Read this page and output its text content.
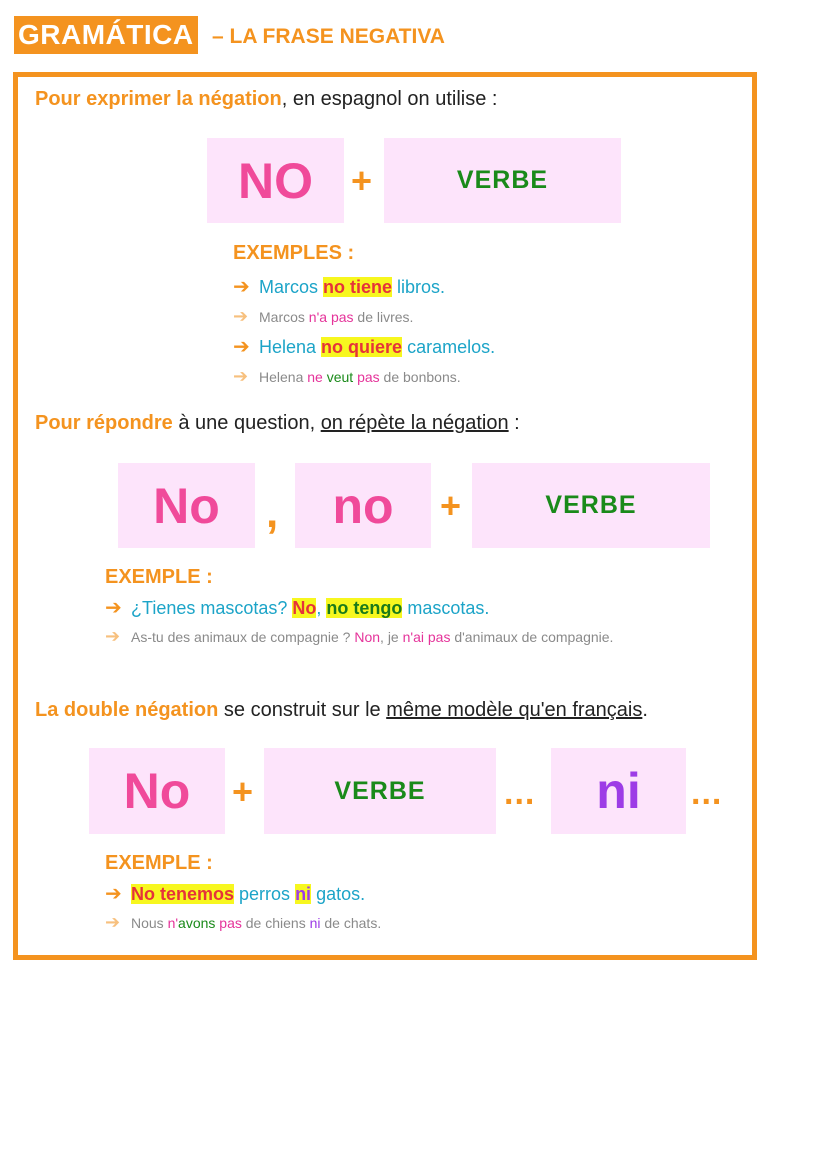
GRAMÁTICA – LA FRASE NEGATIVA
Pour exprimer la négation, en espagnol on utilise :
NO +	VERBE
EXEMPLES :
➔ Marcos no tiene libros.
➔ Marcos n'a pas de livres.
➔ Helena no quiere caramelos.
➔ Helena ne veut pas de bonbons.
Pour répondre à une question, on répète la négation :
No , no +	VERBE
EXEMPLE :
➔ ¿Tienes mascotas? No, no tengo mascotas.
➔ As-tu des animaux de compagnie ? Non, je n'ai pas d'animaux de compagnie.
La double négation se construit sur le même modèle qu'en français.
No +	VERBE ... ni ...
EXEMPLE :
➔ No tenemos perros ni gatos.
➔ Nous n'avons pas de chiens ni de chats.
